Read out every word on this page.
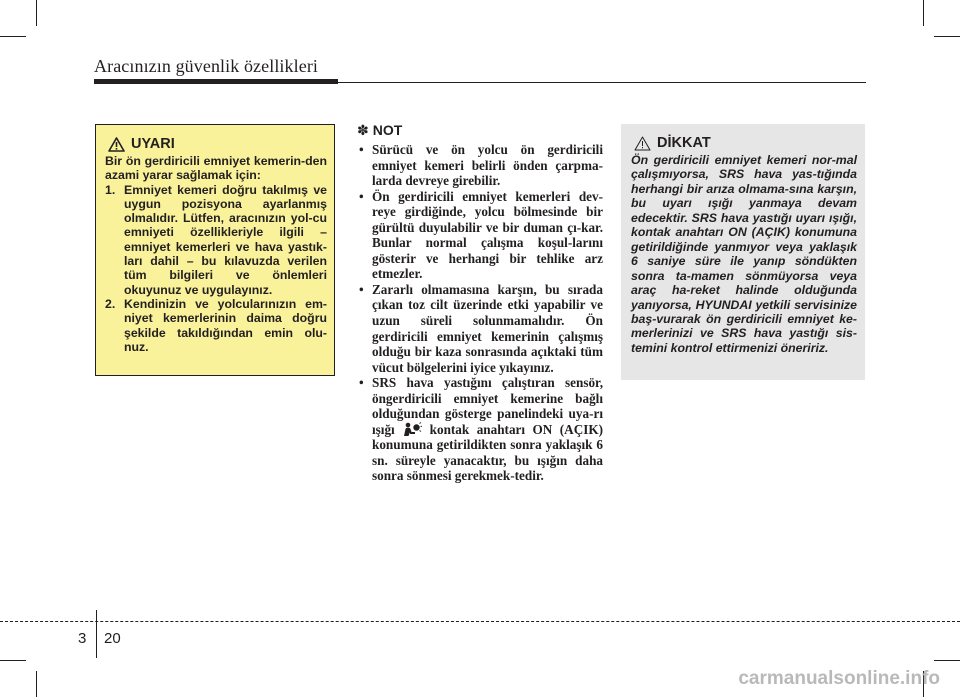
Aracınızın güvenlik özellikleri
UYARI

Bir ön gerdiricili emniyet kemerin-den azami yarar sağlamak için:

1. Emniyet kemeri doğru takılmış ve uygun pozisyona ayarlanmış olmalıdır. Lütfen, aracınızın yol-cu emniyeti özellikleriyle ilgili – emniyet kemerleri ve hava yastık-ları dahil – bu kılavuzda verilen tüm bilgileri ve önlemleri okuyunuz ve uygulayınız.
2. Kendinizin ve yolcularınızın em-niyet kemerlerinin daima doğru şekilde takıldığından emin olu-nuz.
✽ NOT
• Sürücü ve ön yolcu ön gerdiricili emniyet kemeri belirli önden çarpma-larda devreye girebilir.
• Ön gerdiricili emniyet kemerleri dev-reye girdiğinde, yolcu bölmesinde bir gürültü duyulabilir ve bir duman çı-kar. Bunlar normal çalışma koşul-larını gösterir ve herhangi bir tehlike arz etmezler.
• Zararlı olmamasına karşın, bu sırada çıkan toz cilt üzerinde etki yapabilir ve uzun süreli solunmamalıdır. Ön gerdiricili emniyet kemerinin çalışmış olduğu bir kaza sonrasında açıktaki tüm vücut bölgelerini iyice yıkayınız.
• SRS hava yastığını çalıştıran sensör, öngerdiricili emniyet kemerine bağlı olduğundan gösterge panelindeki uya-rı ışığı	kontak anahtarı ON (AÇIK) konumuna getirildikten sonra yaklaşık 6 sn. süreyle yanacaktır, bu ışığın daha sonra sönmesi gerekmek-tedir.
DİKKAT

Ön gerdiricili emniyet kemeri nor-mal çalışmıyorsa, SRS hava yas-tığında herhangi bir arıza olmama-sına karşın, bu uyarı ışığı yanmaya devam edecektir. SRS hava yastığı uyarı ışığı, kontak anahtarı ON (AÇIK) konumuna getirildiğinde yanmıyor veya yaklaşık 6 saniye süre ile yanıp söndükten sonra ta-mamen sönmüyorsa veya araç ha-reket halinde olduğunda yanıyorsa, HYUNDAI yetkili servisinize baş-vurarak ön gerdiricili emniyet ke-merlerinizi ve SRS hava yastığı sis-temini kontrol ettirmenizi öneririz.

3 20
carmanualsonline.info
